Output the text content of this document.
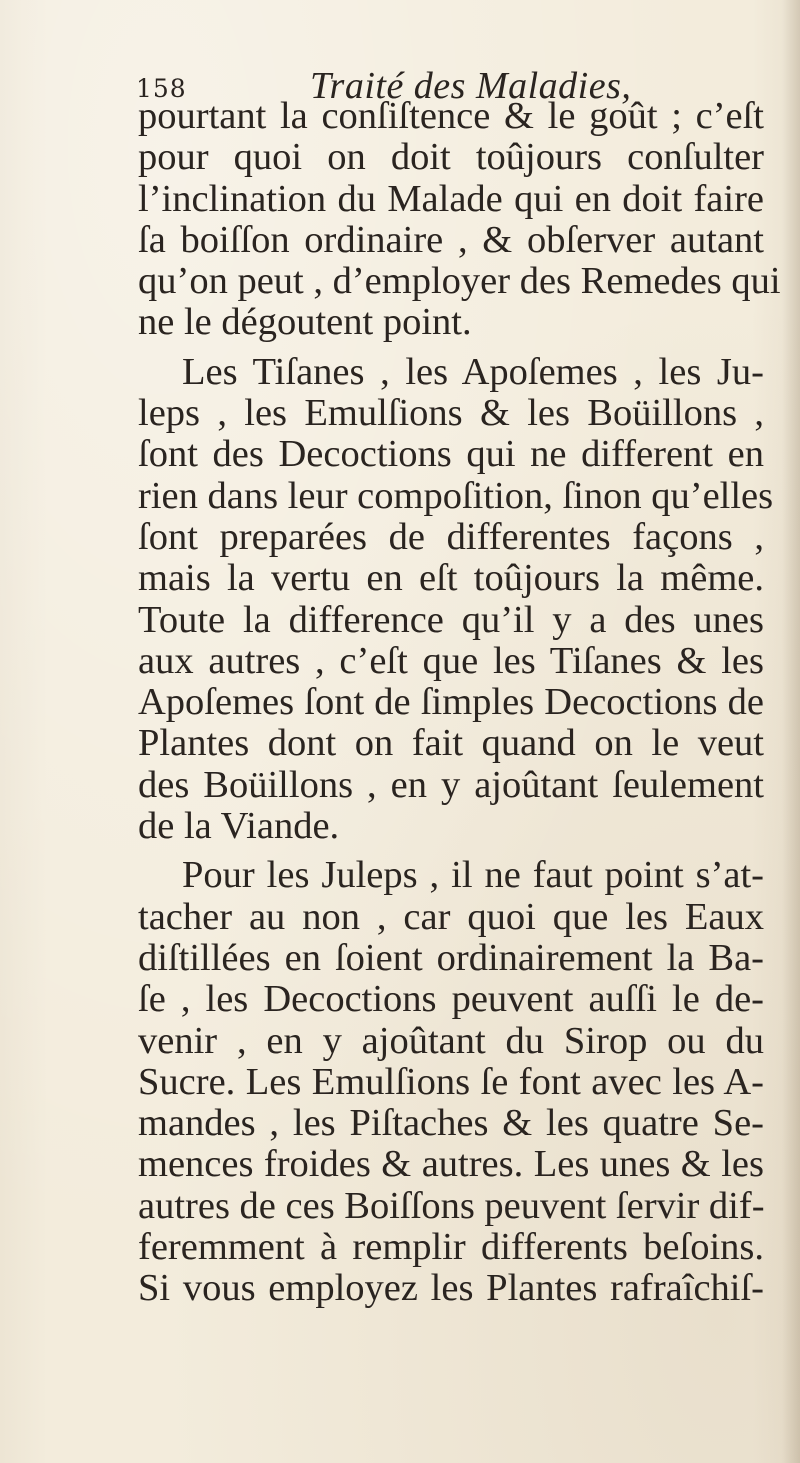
158	Traité des Maladies,
pourtant la conſiſtence & le goût ; c’eſt
pour quoi on doit toûjours conſulter
l’inclination du Malade qui en doit faire
ſa boiſſon ordinaire , & obſerver autant
qu’on peut , d’employer des Remedes qui
ne le dégoutent point.
Les Tiſanes , les Apoſemes , les Ju-
leps , les Emulſions & les Boüillons ,
ſont des Decoctions qui ne different en
rien dans leur compoſition, ſinon qu’elles
ſont preparées de differentes façons ,
mais la vertu en eſt toûjours la même.
Toute la difference qu’il y a des unes
aux autres , c’eſt que les Tiſanes & les
Apoſemes ſont de ſimples Decoctions de
Plantes dont on fait quand on le veut
des Boüillons , en y ajoûtant ſeulement
de la Viande.
Pour les Juleps , il ne faut point s’at-
tacher au non , car quoi que les Eaux
diſtillées en ſoient ordinairement la Ba-
ſe , les Decoctions peuvent auſſi le de-
venir , en y ajoûtant du Sirop ou du
Sucre. Les Emulſions ſe font avec les A-
mandes , les Piſtaches & les quatre Se-
mences froides & autres. Les unes & les
autres de ces Boiſſons peuvent ſervir dif-
feremment à remplir differents beſoins.
Si vous employez les Plantes rafraîchiſ-
